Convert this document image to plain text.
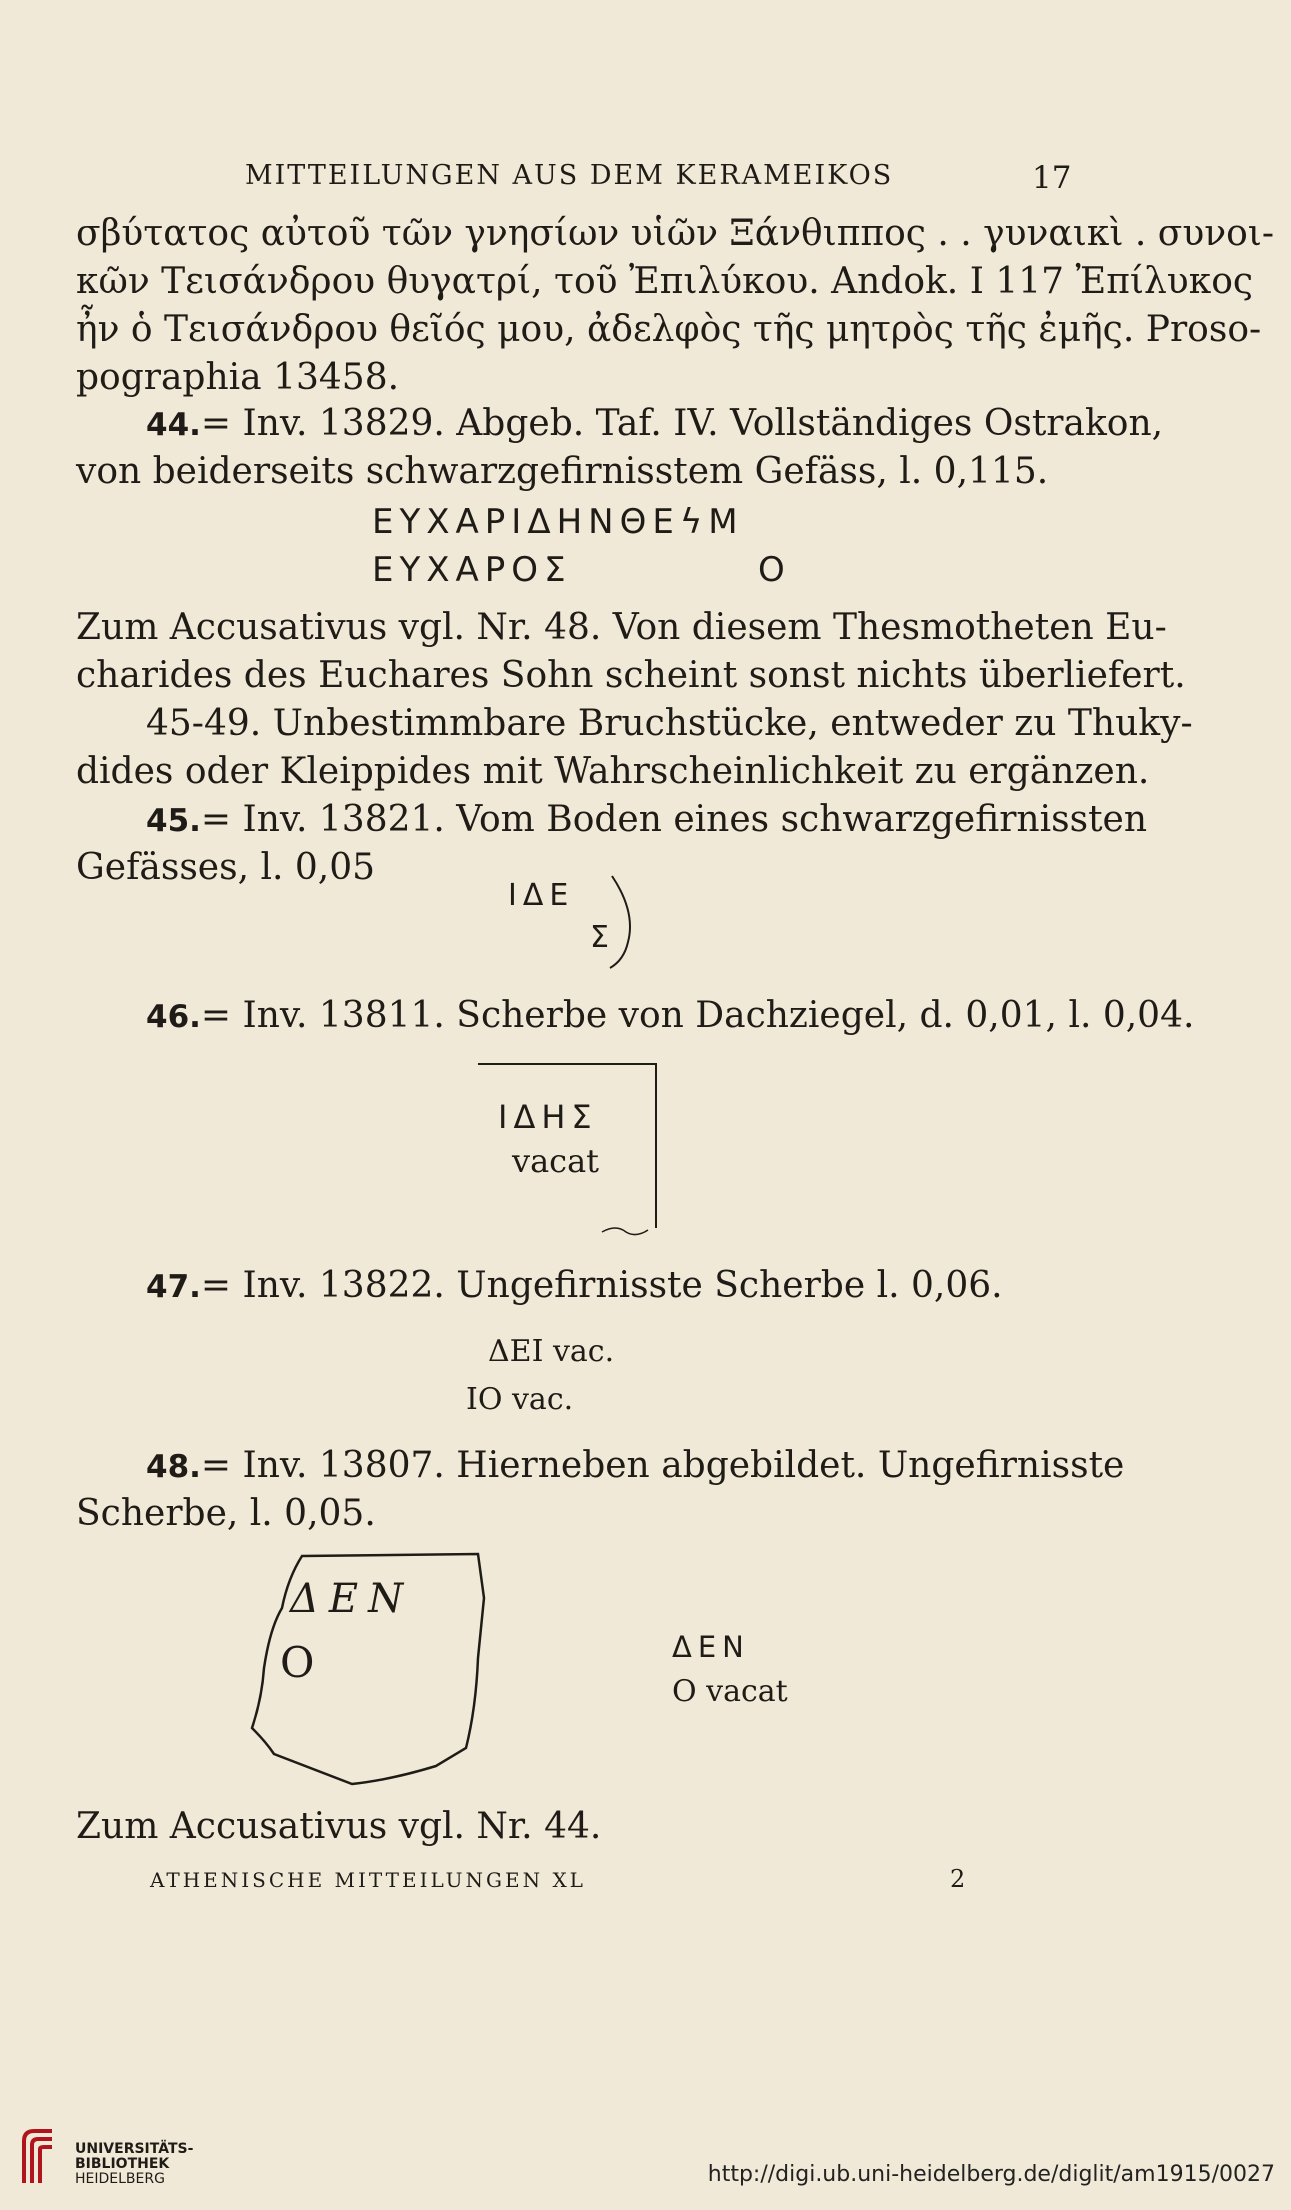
MITTEILUNGEN AUS DEM KERAMEIKOS	17
σβύτατος αὐτοῦ τῶν γνησίων υἱῶν Ξάνθιππος . . γυναικὶ . συνοι-
κῶν Τεισάνδρου θυγατρί, τοῦ Ἐπιλύκου. Andok. I 117 Ἐπίλυκος
ἦν ὁ Τεισάνδρου θεῖός μου, ἀδελφὸς τῆς μητρὸς τῆς ἐμῆς. Proso-
pographia 13458.
44.= Inv. 13829. Abgeb. Taf. IV. Vollständiges Ostrakon,
von beiderseits schwarzgefirnisstem Gefäss, l. 0,115.
ΕΥΧΑΡΙΔΗΝΘΕϟΜ
ΕΥΧΑΡΟΣ	Ο
Zum Accusativus vgl. Nr. 48. Von diesem Thesmotheten Eu-
charides des Euchares Sohn scheint sonst nichts überliefert.
45-49. Unbestimmbare Bruchstücke, entweder zu Thuky-
dides oder Kleippides mit Wahrscheinlichkeit zu ergänzen.
45.= Inv. 13821. Vom Boden eines schwarzgefirnissten
Gefässes, l. 0,05
ΙΔΕ
Σ
46.= Inv. 13811. Scherbe von Dachziegel, d. 0,01, l. 0,04.
ΙΔΗΣ
vacat
47.= Inv. 13822. Ungefirnisste Scherbe l. 0,06.
ΔΕΙ vac.
ΙΟ vac.
48.= Inv. 13807. Hierneben abgebildet. Ungefirnisste
Scherbe, l. 0,05.
ΔΕΝ
Ο	ΔΕΝ
Ο vacat
Zum Accusativus vgl. Nr. 44.
ATHENISCHE MITTEILUNGEN XL	2
UNIVERSITÄTS-
BIBLIOTHEK
HEIDELBERG	http://digi.ub.uni-heidelberg.de/diglit/am1915/0027
